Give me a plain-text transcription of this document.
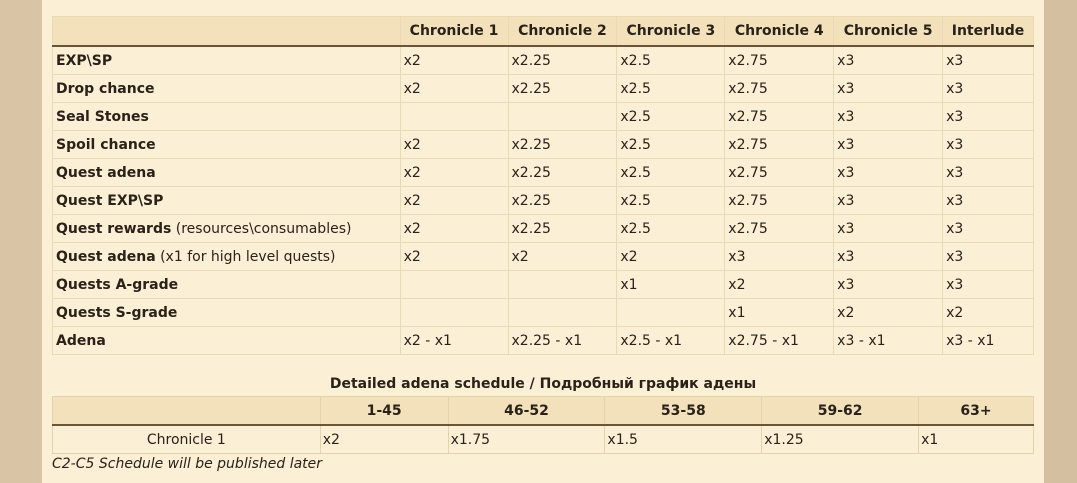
	Chronicle 1	Chronicle 2	Chronicle 3	Chronicle 4	Chronicle 5	Interlude
EXP\SP	x2	x2.25	x2.5	x2.75	x3	x3
Drop chance	x2	x2.25	x2.5	x2.75	x3	x3
Seal Stones			x2.5	x2.75	x3	x3
Spoil chance	x2	x2.25	x2.5	x2.75	x3	x3
Quest adena	x2	x2.25	x2.5	x2.75	x3	x3
Quest EXP\SP	x2	x2.25	x2.5	x2.75	x3	x3
Quest rewards (resources\consumables)	x2	x2.25	x2.5	x2.75	x3	x3
Quest adena (x1 for high level quests)	x2	x2	x2	x3	x3	x3
Quests A-grade			x1	x2	x3	x3
Quests S-grade				x1	x2	x2
Adena	x2 - x1	x2.25 - x1	x2.5 - x1	x2.75 - x1	x3 - x1	x3 - x1
Detailed adena schedule / Подробный график адены
	1-45	46-52	53-58	59-62	63+
Chronicle 1	x2	x1.75	x1.5	x1.25	x1
C2-C5 Schedule will be published later
